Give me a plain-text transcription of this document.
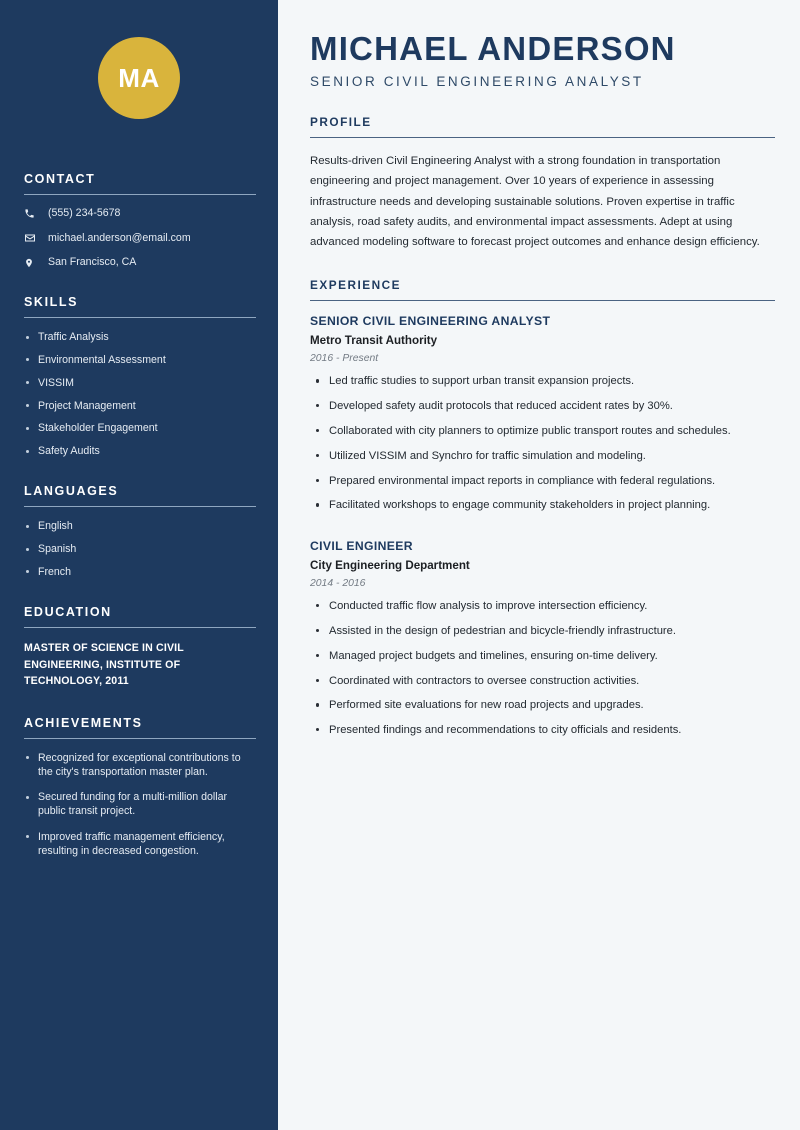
MA
CONTACT
(555) 234-5678
michael.anderson@email.com
San Francisco, CA
SKILLS
Traffic Analysis
Environmental Assessment
VISSIM
Project Management
Stakeholder Engagement
Safety Audits
LANGUAGES
English
Spanish
French
EDUCATION
MASTER OF SCIENCE IN CIVIL ENGINEERING, INSTITUTE OF TECHNOLOGY, 2011
ACHIEVEMENTS
Recognized for exceptional contributions to the city's transportation master plan.
Secured funding for a multi-million dollar public transit project.
Improved traffic management efficiency, resulting in decreased congestion.
MICHAEL ANDERSON

SENIOR CIVIL ENGINEERING ANALYST

PROFILE

Results-driven Civil Engineering Analyst with a strong foundation in transportation engineering and project management. Over 10 years of experience in assessing infrastructure needs and developing sustainable solutions. Proven expertise in traffic analysis, road safety audits, and environmental impact assessments. Adept at using advanced modeling software to forecast project outcomes and enhance design efficiency.

EXPERIENCE
SENIOR CIVIL ENGINEERING ANALYST
Metro Transit Authority
2016 - Present
Led traffic studies to support urban transit expansion projects.
Developed safety audit protocols that reduced accident rates by 30%.
Collaborated with city planners to optimize public transport routes and schedules.
Utilized VISSIM and Synchro for traffic simulation and modeling.
Prepared environmental impact reports in compliance with federal regulations.
Facilitated workshops to engage community stakeholders in project planning.
CIVIL ENGINEER
City Engineering Department
2014 - 2016
Conducted traffic flow analysis to improve intersection efficiency.
Assisted in the design of pedestrian and bicycle-friendly infrastructure.
Managed project budgets and timelines, ensuring on-time delivery.
Coordinated with contractors to oversee construction activities.
Performed site evaluations for new road projects and upgrades.
Presented findings and recommendations to city officials and residents.
